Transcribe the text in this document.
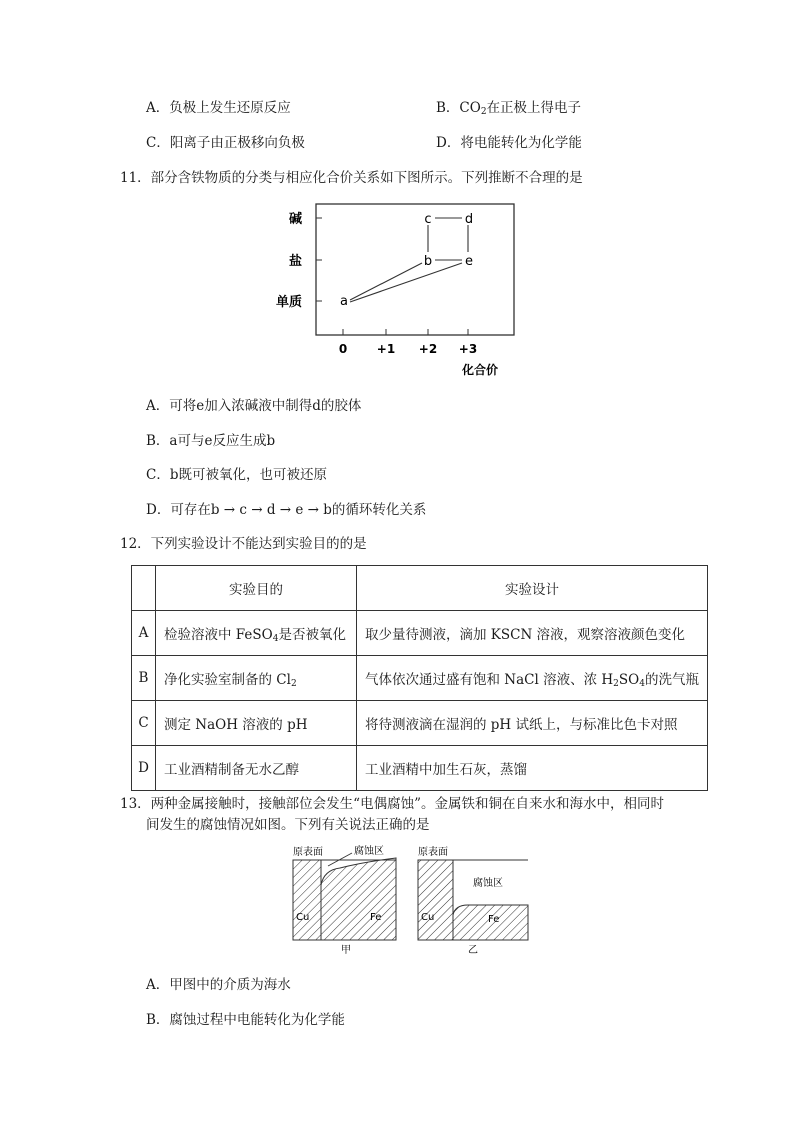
A．负极上发生还原反应	B．$CO_2$在正极上得电子
C．阳离子由正极移向负极	D．将电能转化为化学能
11．部分含铁物质的分类与相应化合价关系如下图所示。下列推断不合理的是
碱
盐
单质
0 +1 +2 +3
化合价
a
b
c	d
e
A．可将e加入浓碱液中制得d的胶体
B．a可与e反应生成b
C．b既可被氧化，也可被还原
D．可存在b → c → d → e → b的循环转化关系
12．下列实验设计不能达到实验目的的是
	实验目的	实验设计
A	检验溶液中 FeSO$_4$是否被氧化	取少量待测液，滴加 KSCN 溶液，观察溶液颜色变化
B	净化实验室制备的 $Cl_2$	气体依次通过盛有饱和 NaCl 溶液、浓 $H_2SO_4$的洗气瓶
C	测定 NaOH 溶液的 pH	将待测液滴在湿润的 pH 试纸上，与标准比色卡对照
D	工业酒精制备无水乙醇	工业酒精中加生石灰，蒸馏
13．两种金属接触时，接触部位会发生“电偶腐蚀”。金属铁和铜在自来水和海水中，相同时
间发生的腐蚀情况如图。下列有关说法正确的是
原表面	腐蚀区
Cu	Fe
甲
原表面
腐蚀区
Cu	Fe
乙
A．甲图中的介质为海水
B．腐蚀过程中电能转化为化学能
